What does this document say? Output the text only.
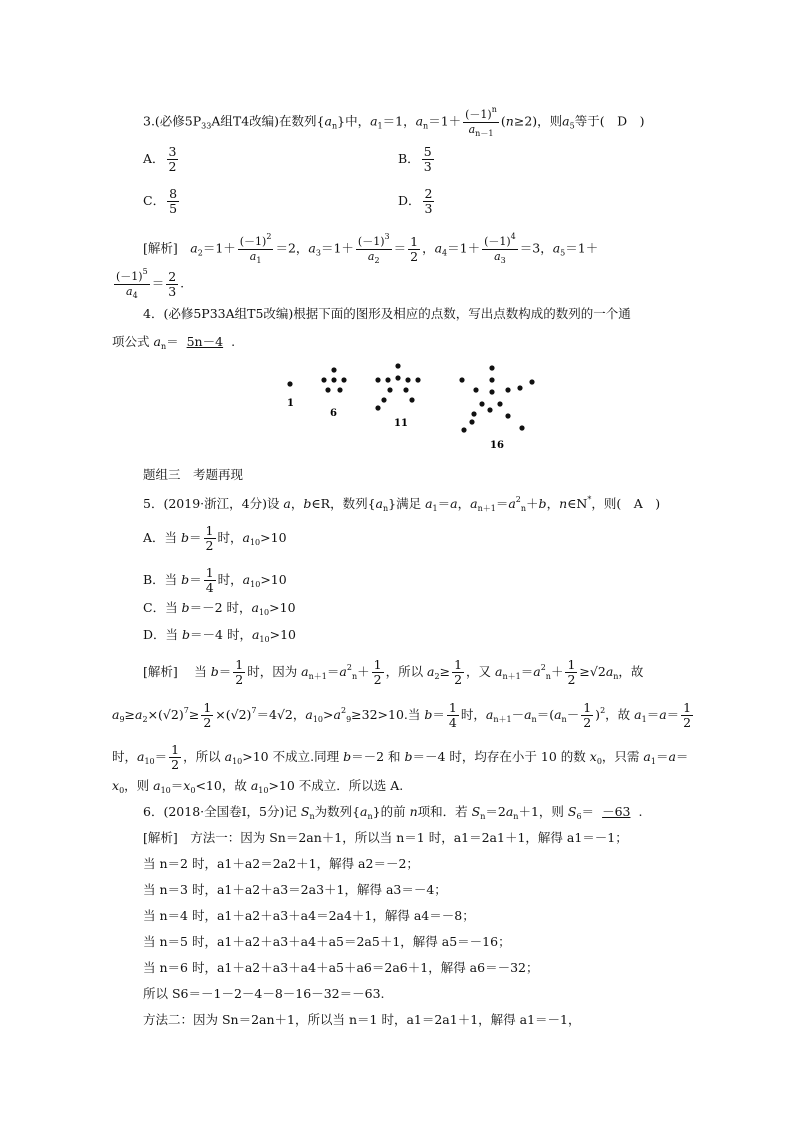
3.(必修$5P_{33}A$组T4改编)在数列$\{a_n\}$中，$a_1=1$，$a_n=1+ \frac{(-1)^n}{a_{n-1}} (n\ge 2)$，则$a_5$等于(　D　)
A． $\frac{3}{2}$	B． $\frac{5}{3}$
C． $\frac{8}{5}$	D． $\frac{2}{3}$
[解析]　$a_2=1+ \frac{(-1)^2}{a_1} =2$，$a_3=1+ \frac{(-1)^3}{a_2} = \frac{1}{2}$ ，$a_4=1+ \frac{(-1)^4}{a_3} =3$，$a_5=1+$
$\frac{(-1)^5}{a_4} = \frac{2}{3}$ .
4．(必修5P33A组T5改编)根据下面的图形及相应的点数，写出点数构成的数列的一个通
项公式 $a_n= 5n-4$ .
1
6
11
16
题组三　考题再现
5．(2019·浙江，4分)设 a，b∈R，数列$\{a_n\}$满足 $a_1=a$，$a_{n+1}=a^2_n+b$，n∈N*，则(　A　)
A．当 $b= \frac{1}{2}$ 时，$a_{10}>10$
B．当 $b= \frac{1}{4}$ 时，$a_{10}>10$
C．当 b＝－2 时，$a_{10}>10$
D．当 b＝－4 时，$a_{10}>10$
[解析]　 当 $b= \frac{1}{2}$ 时，因为 $a_{n+1}=a^2_n+ \frac{1}{2}$ ，所以 $a_2\ge \frac{1}{2}$ ，又 $a_{n+1}=a^2_n+ \frac{1}{2} \ge√2a_n$，故
$a_9\ge a_2\times(√2)^7\ge \frac{1}{2} \times(√2)^7=4√2$，$a_{10}>a^2_9\ge 32>10$.当 $b= \frac{1}{4}$ 时，$a_{n+1}-a_n=(a_n- \frac{1}{2} )^2$，故 $a_1=a= \frac{1}{2}$
时，$a_{10}= \frac{1}{2}$ ，所以 $a_{10}>10$ 不成立.同理 b＝－2 和 b＝－4 时，均存在小于 10 的数 $x_0$，只需 $a_1=a=$
$x_0$，则 $a_{10}=x_0<10$，故 $a_{10}>10$ 不成立．所以选 A.
6．(2018·全国卷Ⅰ，5分)记 $S_n$为数列$\{a_n\}$的前 n项和．若 $S_n=2a_n+1$，则 $S_6= -63$ .
[解析]　方法一：因为 Sn＝2an＋1，所以当 n＝1 时，a1＝2a1＋1，解得 a1＝－1；
当 n＝2 时，a1＋a2＝2a2＋1，解得 a2＝－2；
当 n＝3 时，a1＋a2＋a3＝2a3＋1，解得 a3＝－4；
当 n＝4 时，a1＋a2＋a3＋a4＝2a4＋1，解得 a4＝－8；
当 n＝5 时，a1＋a2＋a3＋a4＋a5＝2a5＋1，解得 a5＝－16；
当 n＝6 时，a1＋a2＋a3＋a4＋a5＋a6＝2a6＋1，解得 a6＝－32；
所以 S6＝－1－2－4－8－16－32＝－63.
方法二：因为 Sn＝2an＋1，所以当 n＝1 时，a1＝2a1＋1，解得 a1＝－1，
